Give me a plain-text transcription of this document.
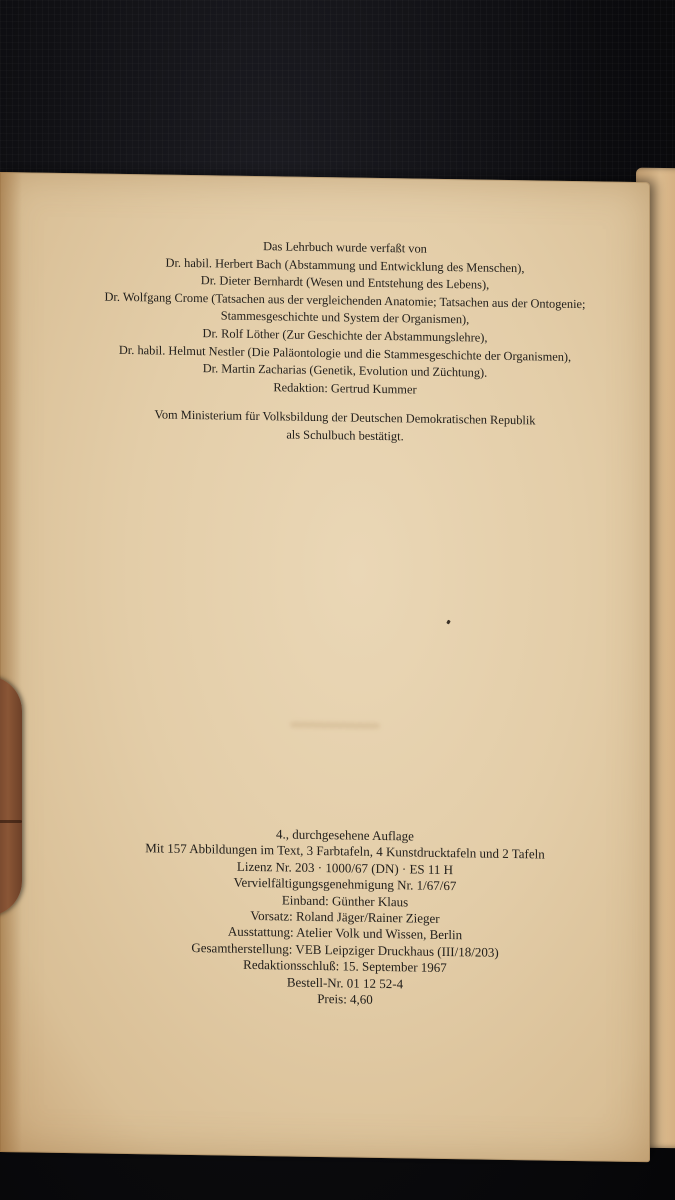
Das Lehrbuch wurde verfaßt von
Dr. habil. Herbert Bach (Abstammung und Entwicklung des Menschen),
Dr. Dieter Bernhardt (Wesen und Entstehung des Lebens),
Dr. Wolfgang Crome (Tatsachen aus der vergleichenden Anatomie; Tatsachen aus der Ontogenie;
Stammesgeschichte und System der Organismen),
Dr. Rolf Löther (Zur Geschichte der Abstammungslehre),
Dr. habil. Helmut Nestler (Die Paläontologie und die Stammesgeschichte der Organismen),
Dr. Martin Zacharias (Genetik, Evolution und Züchtung).
Redaktion: Gertrud Kummer
Vom Ministerium für Volksbildung der Deutschen Demokratischen Republik
als Schulbuch bestätigt.
4., durchgesehene Auflage
Mit 157 Abbildungen im Text, 3 Farbtafeln, 4 Kunstdrucktafeln und 2 Tafeln
Lizenz Nr. 203 · 1000/67 (DN) · ES 11 H
Vervielfältigungsgenehmigung Nr. 1/67/67
Einband: Günther Klaus
Vorsatz: Roland Jäger/Rainer Zieger
Ausstattung: Atelier Volk und Wissen, Berlin
Gesamtherstellung: VEB Leipziger Druckhaus (III/18/203)
Redaktionsschluß: 15. September 1967
Bestell-Nr. 01 12 52-4
Preis: 4,60
